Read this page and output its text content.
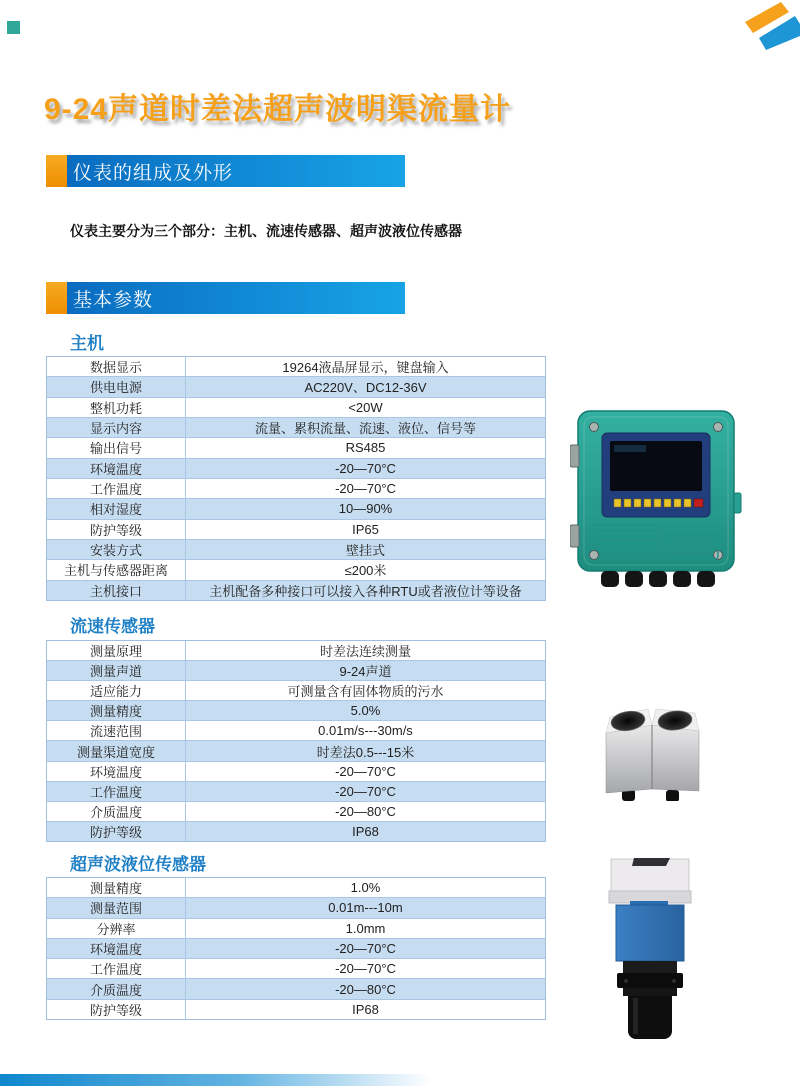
9-24声道时差法超声波明渠流量计
仪表的组成及外形

仪表主要分为三个部分：主机、流速传感器、超声波液位传感器

基本参数
主机
数据显示	19264液晶屏显示，键盘输入
供电电源	AC220V、DC12-36V
整机功耗	<20W
显示内容	流量、累积流量、流速、液位、信号等
输出信号	RS485
环境温度	-20—70°C
工作温度	-20—70°C
相对湿度	10—90%
防护等级	IP65
安装方式	壁挂式
主机与传感器距离	≤200米
主机接口	主机配备多种接口可以接入各种RTU或者液位计等设备
流速传感器
测量原理	时差法连续测量
测量声道	9-24声道
适应能力	可测量含有固体物质的污水
测量精度	5.0%
流速范围	0.01m/s---30m/s
测量渠道宽度	时差法0.5---15米
环境温度	-20—70°C
工作温度	-20—70°C
介质温度	-20—80°C
防护等级	IP68
超声波液位传感器
测量精度	1.0%
测量范围	0.01m---10m
分辨率	1.0mm
环境温度	-20—70°C
工作温度	-20—70°C
介质温度	-20—80°C
防护等级	IP68
